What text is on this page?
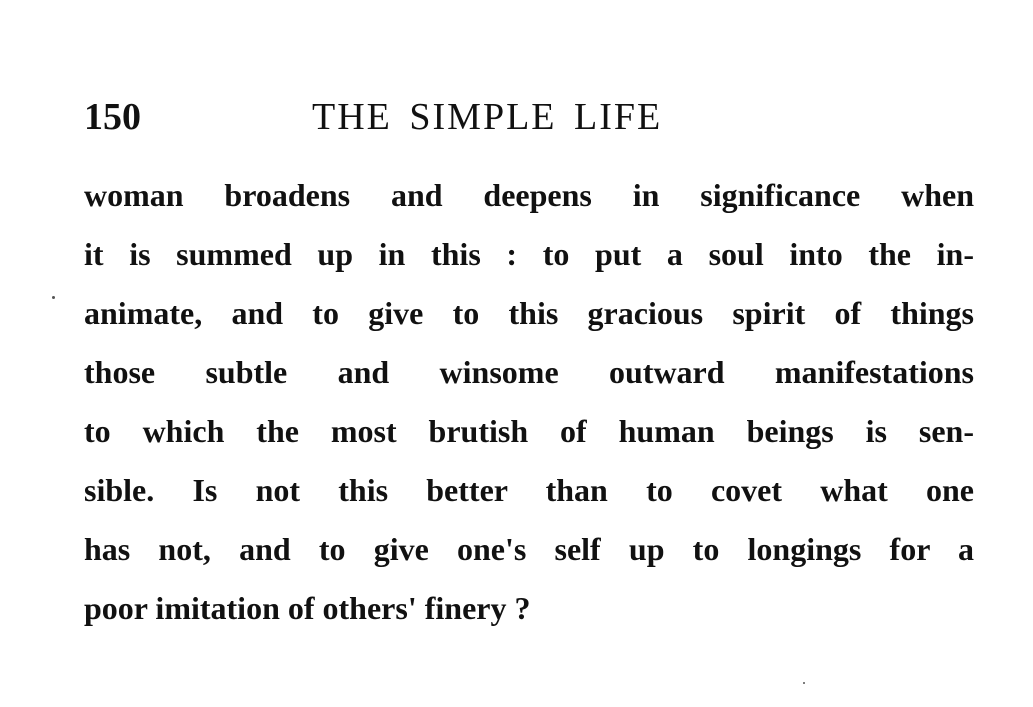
150	THE SIMPLE LIFE
woman broadens and deepens in significance when
it is summed up in this : to put a soul into the in-
animate, and to give to this gracious spirit of things
those subtle and winsome outward manifestations
to which the most brutish of human beings is sen-
sible. Is not this better than to covet what one
has not, and to give one's self up to longings for a
poor imitation of others' finery ?
